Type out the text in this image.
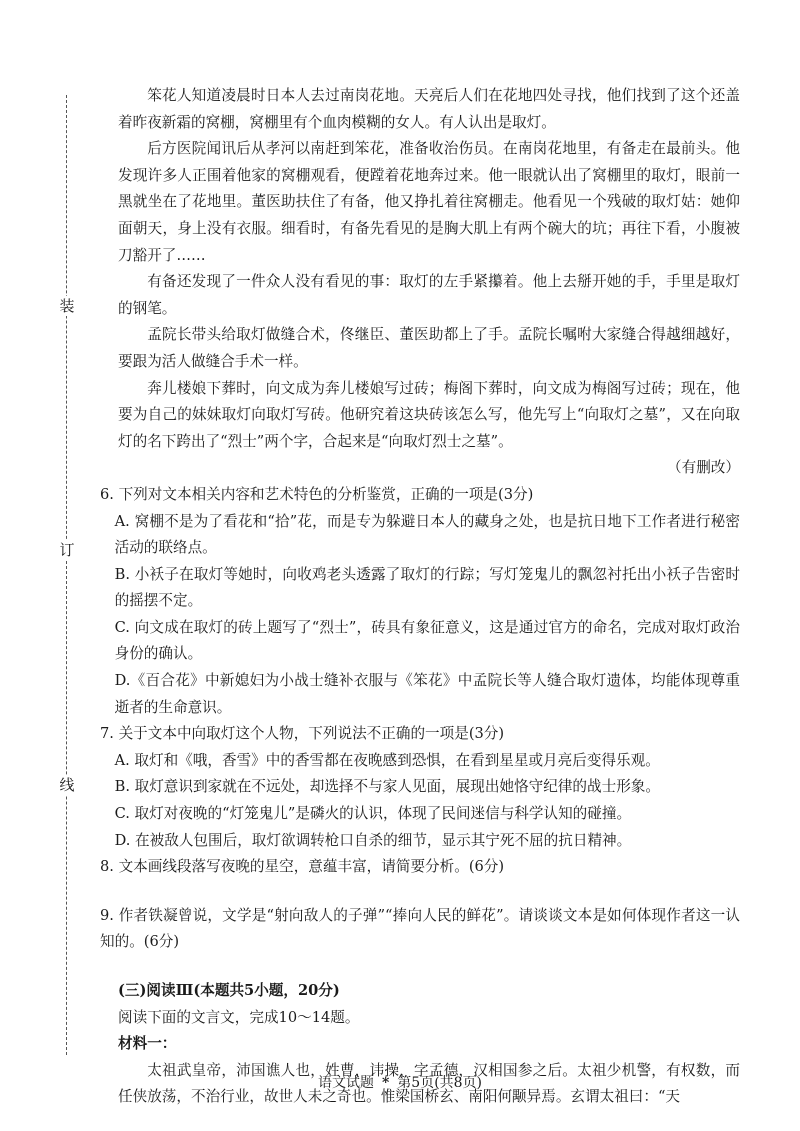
装
订
线

笨花人知道凌晨时日本人去过南岗花地。天亮后人们在花地四处寻找，他们找到了这个还盖着昨夜新霜的窝棚，窝棚里有个血肉模糊的女人。有人认出是取灯。

后方医院闻讯后从孝河以南赶到笨花，准备收治伤员。在南岗花地里，有备走在最前头。他发现许多人正围着他家的窝棚观看，便蹚着花地奔过来。他一眼就认出了窝棚里的取灯，眼前一黑就坐在了花地里。董医助扶住了有备，他又挣扎着往窝棚走。他看见一个残破的取灯姑：她仰面朝天，身上没有衣服。细看时，有备先看见的是胸大肌上有两个碗大的坑；再往下看，小腹被刀豁开了……

有备还发现了一件众人没有看见的事：取灯的左手紧攥着。他上去掰开她的手，手里是取灯的钢笔。

孟院长带头给取灯做缝合术，佟继臣、董医助都上了手。孟院长嘱咐大家缝合得越细越好，要跟为活人做缝合手术一样。

奔儿楼娘下葬时，向文成为奔儿楼娘写过砖；梅阁下葬时，向文成为梅阁写过砖；现在，他要为自己的妹妹取灯向取灯写砖。他研究着这块砖该怎么写，他先写上“向取灯之墓”，又在向取灯的名下跨出了“烈士”两个字，合起来是“向取灯烈士之墓”。

（有删改）

6. 下列对文本相关内容和艺术特色的分析鉴赏，正确的一项是(3分)

A. 窝棚不是为了看花和“拾”花，而是专为躲避日本人的藏身之处，也是抗日地下工作者进行秘密活动的联络点。

B. 小袄子在取灯等她时，向收鸡老头透露了取灯的行踪；写灯笼鬼儿的飘忽衬托出小袄子告密时的摇摆不定。

C. 向文成在取灯的砖上题写了“烈士”，砖具有象征意义，这是通过官方的命名，完成对取灯政治身份的确认。

D.《百合花》中新媳妇为小战士缝补衣服与《笨花》中孟院长等人缝合取灯遗体，均能体现尊重逝者的生命意识。

7. 关于文本中向取灯这个人物，下列说法不正确的一项是(3分)

A. 取灯和《哦，香雪》中的香雪都在夜晚感到恐惧，在看到星星或月亮后变得乐观。

B. 取灯意识到家就在不远处，却选择不与家人见面，展现出她恪守纪律的战士形象。

C. 取灯对夜晚的“灯笼鬼儿”是磷火的认识，体现了民间迷信与科学认知的碰撞。

D. 在被敌人包围后，取灯欲调转枪口自杀的细节，显示其宁死不屈的抗日精神。

8. 文本画线段落写夜晚的星空，意蕴丰富，请简要分析。(6分)

9. 作者铁凝曾说，文学是“射向敌人的子弹”“捧向人民的鲜花”。请谈谈文本是如何体现作者这一认知的。(6分)

(三)阅读Ⅲ(本题共5小题，20分)

阅读下面的文言文，完成10～14题。

材料一：

太祖武皇帝，沛国谯人也，姓曹，讳操，字孟德，汉相国参之后。太祖少机警，有权数，而任侠放荡，不治行业，故世人未之奇也。惟梁国桥玄、南阳何颙异焉。玄谓太祖曰：“天

语文试题 * 第5页(共8页)
